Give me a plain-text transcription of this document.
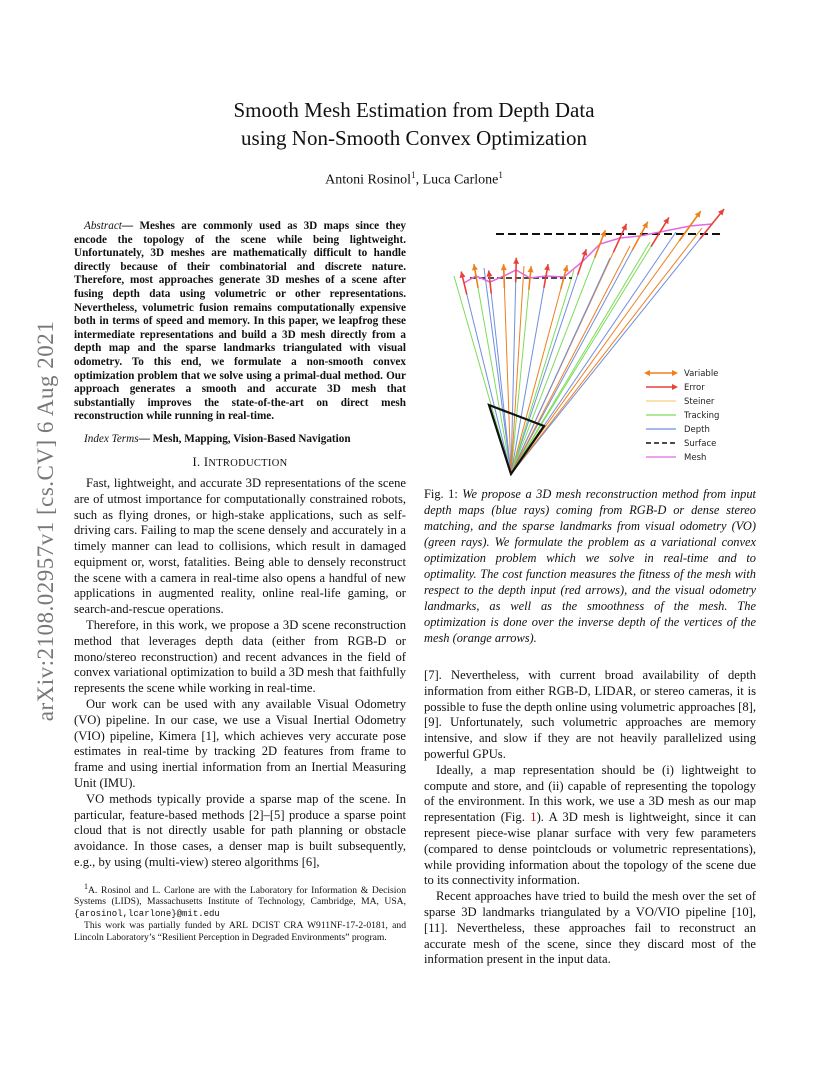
Smooth Mesh Estimation from Depth Data
using Non-Smooth Convex Optimization
Antoni Rosinol$^1$, Luca Carlone$^1$
arXiv:2108.02957v1 [cs.CV] 6 Aug 2021

Abstract— Meshes are commonly used as 3D maps since they encode the topology of the scene while being lightweight. Unfortunately, 3D meshes are mathematically difficult to handle directly because of their combinatorial and discrete nature. Therefore, most approaches generate 3D meshes of a scene after fusing depth data using volumetric or other representations. Nevertheless, volumetric fusion remains computationally expensive both in terms of speed and memory. In this paper, we leapfrog these intermediate representations and build a 3D mesh directly from a depth map and the sparse landmarks triangulated with visual odometry. To this end, we formulate a non-smooth convex optimization problem that we solve using a primal-dual method. Our approach generates a smooth and accurate 3D mesh that substantially improves the state-of-the-art on direct mesh reconstruction while running in real-time.

Index Terms— Mesh, Mapping, Vision-Based Navigation

I. INTRODUCTION

Fast, lightweight, and accurate 3D representations of the scene are of utmost importance for computationally constrained robots, such as flying drones, or high-stake applications, such as self-driving cars. Failing to map the scene densely and accurately in a timely manner can lead to collisions, which result in damaged equipment or, worst, fatalities. Being able to densely reconstruct the scene with a camera in real-time also opens a handful of new applications in augmented reality, online real-life gaming, or search-and-rescue operations.

Therefore, in this work, we propose a 3D scene reconstruction method that leverages depth data (either from RGB-D or mono/stereo reconstruction) and recent advances in the field of convex variational optimization to build a 3D mesh that faithfully represents the scene while working in real-time.

Our work can be used with any available Visual Odometry (VO) pipeline. In our case, we use a Visual Inertial Odometry (VIO) pipeline, Kimera [1], which achieves very accurate pose estimates in real-time by tracking 2D features from frame to frame and using inertial information from an Inertial Measuring Unit (IMU).

VO methods typically provide a sparse map of the scene. In particular, feature-based methods [2]–[5] produce a sparse point cloud that is not directly usable for path planning or obstacle avoidance. In those cases, a denser map is built subsequently, e.g., by using (multi-view) stereo algorithms [6],

$^1$A. Rosinol and L. Carlone are with the Laboratory for Information & Decision Systems (LIDS), Massachusetts Institute of Technology, Cambridge, MA, USA, {arosinol,lcarlone}@mit.edu

This work was partially funded by ARL DCIST CRA W911NF-17-2-0181, and Lincoln Laboratory’s “Resilient Perception in Degraded Environments” program.

Variable
Error
Steiner
Tracking
Depth
Surface
Mesh

Fig. 1: We propose a 3D mesh reconstruction method from input depth maps (blue rays) coming from RGB-D or dense stereo matching, and the sparse landmarks from visual odometry (VO) (green rays). We formulate the problem as a variational convex optimization problem which we solve in real-time and to optimality. The cost function measures the fitness of the mesh with respect to the depth input (red arrows), and the visual odometry landmarks, as well as the smoothness of the mesh. The optimization is done over the inverse depth of the vertices of the mesh (orange arrows).

[7]. Nevertheless, with current broad availability of depth information from either RGB-D, LIDAR, or stereo cameras, it is possible to fuse the depth online using volumetric approaches [8], [9]. Unfortunately, such volumetric approaches are memory intensive, and slow if they are not heavily parallelized using powerful GPUs.

Ideally, a map representation should be (i) lightweight to compute and store, and (ii) capable of representing the topology of the environment. In this work, we use a 3D mesh as our map representation (Fig. 1). A 3D mesh is lightweight, since it can represent piece-wise planar surface with very few parameters (compared to dense pointclouds or volumetric representations), while providing information about the topology of the scene due to its connectivity information.

Recent approaches have tried to build the mesh over the set of sparse 3D landmarks triangulated by a VO/VIO pipeline [10], [11]. Nevertheless, these approaches fail to reconstruct an accurate mesh of the scene, since they discard most of the information present in the input data.
